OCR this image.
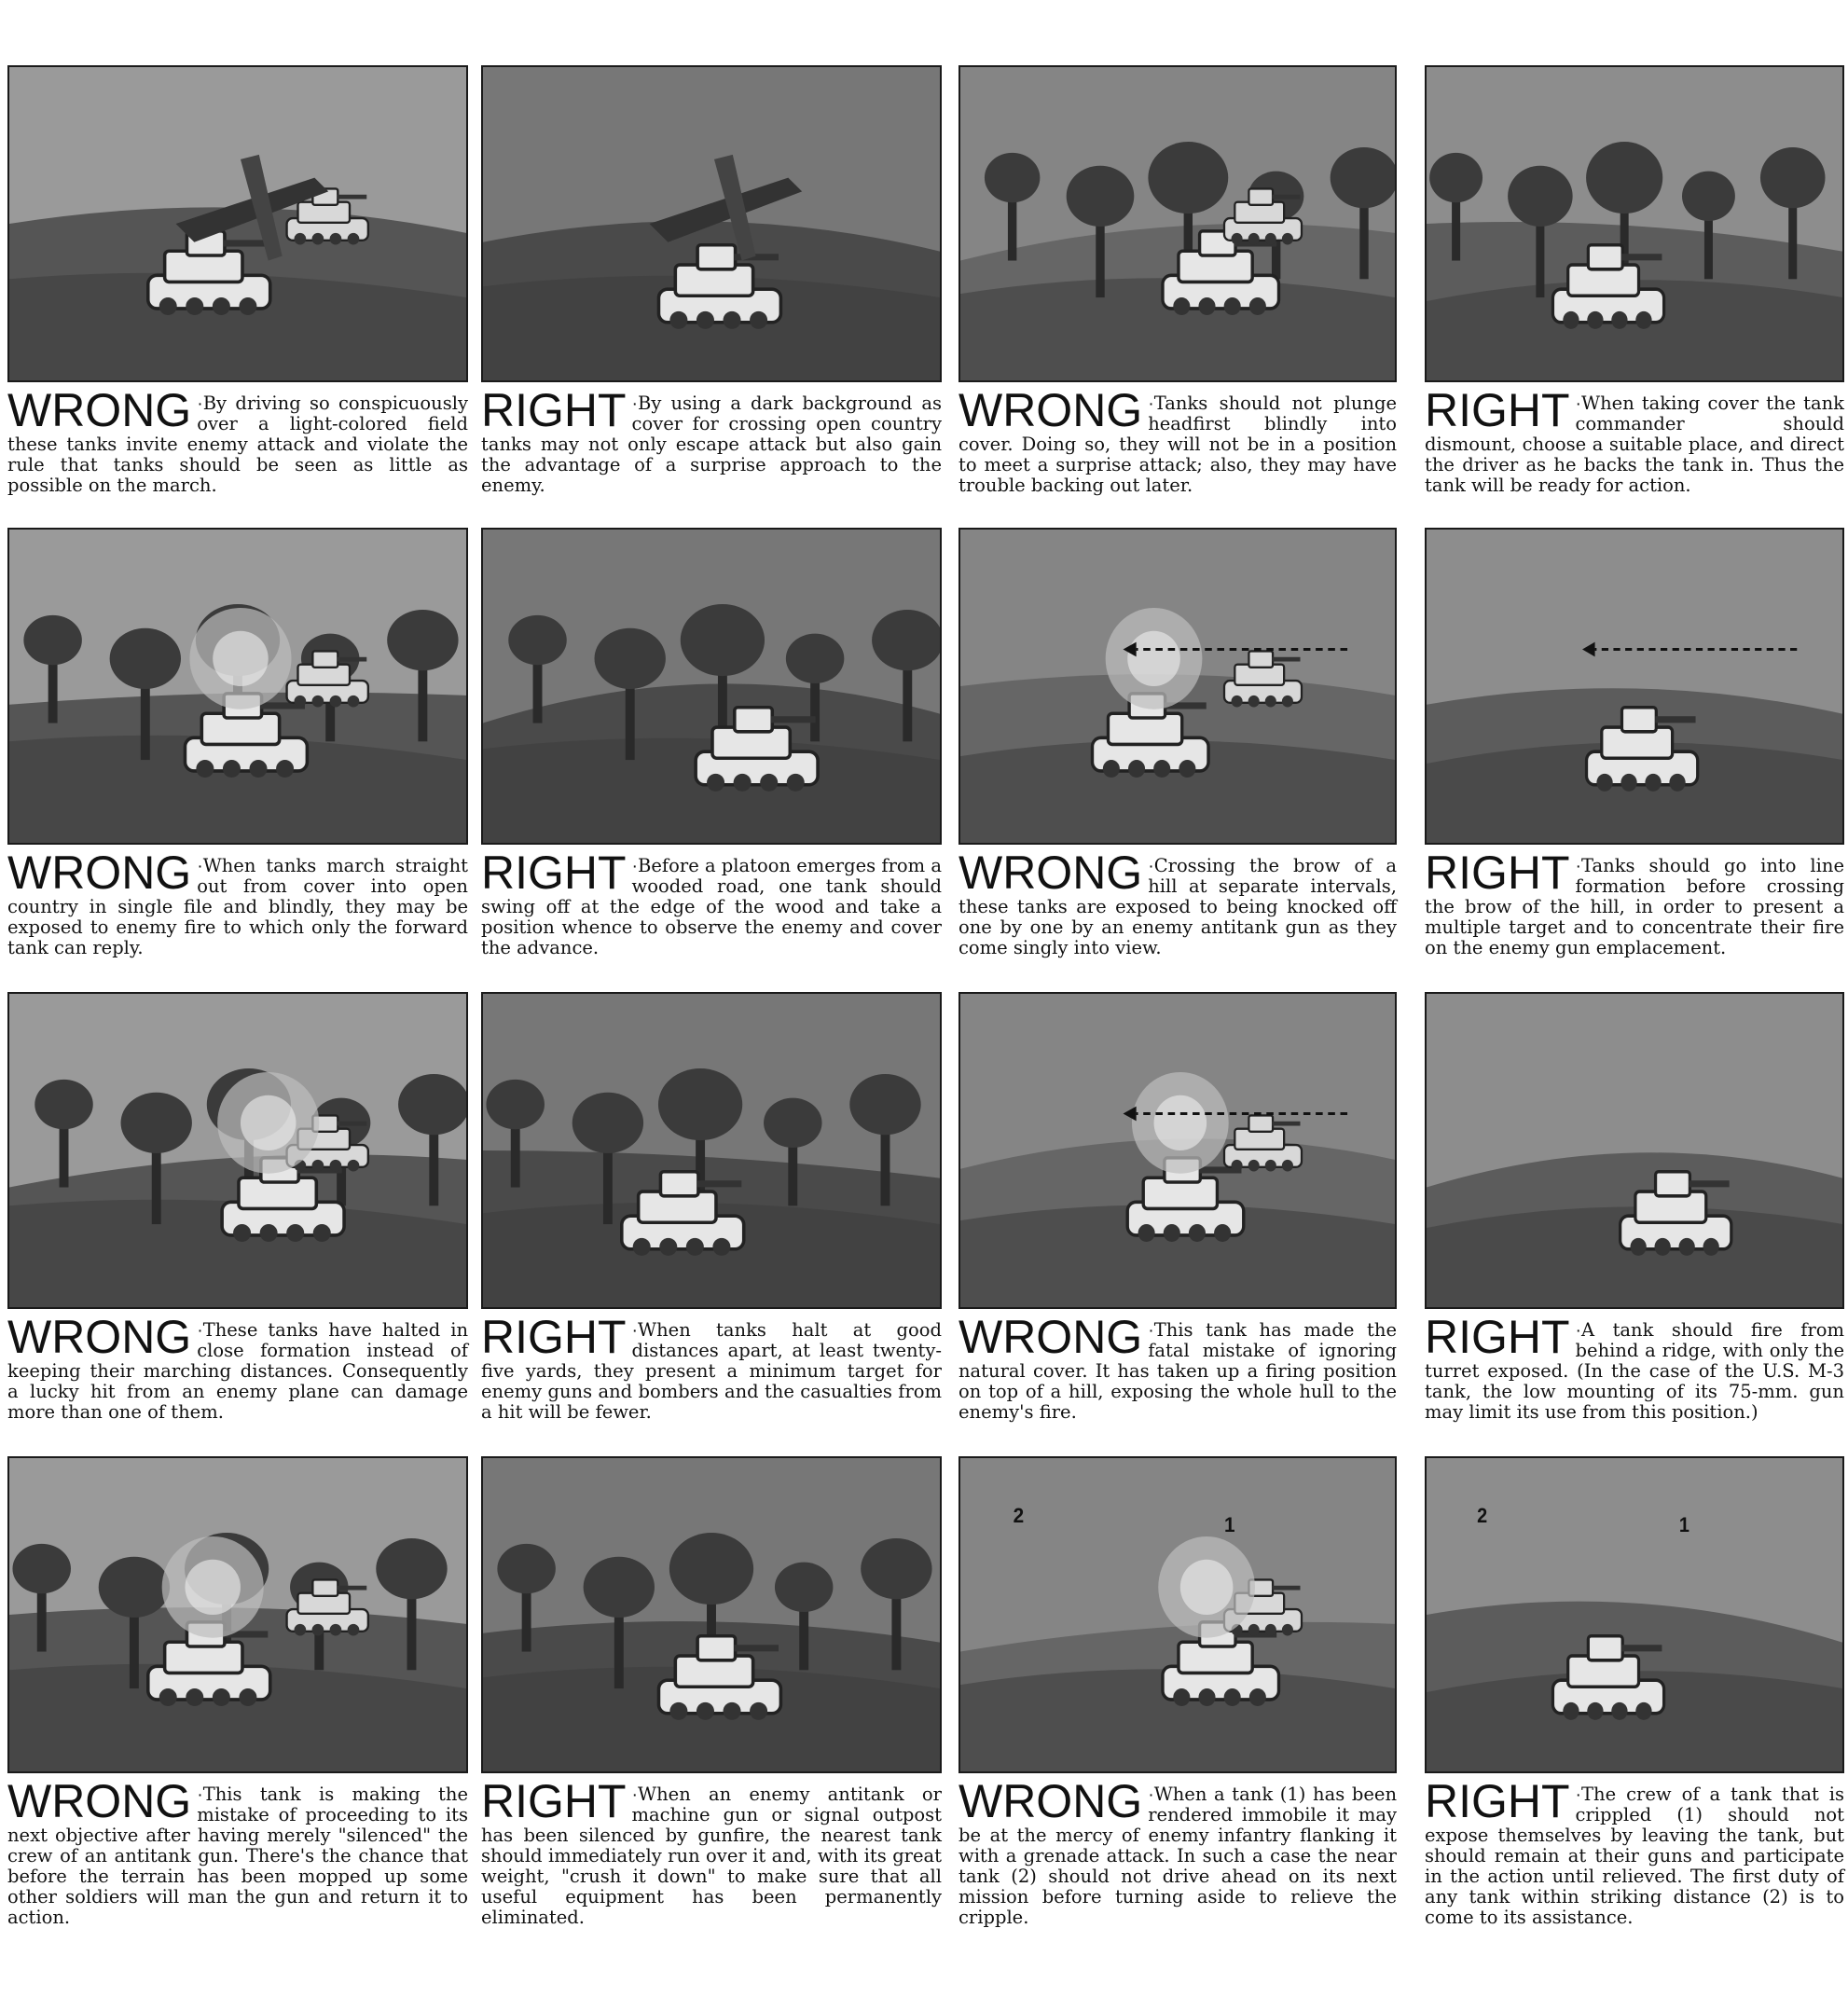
WRONG ·By driving so conspicuously over a light-colored field these tanks invite enemy attack and violate the rule that tanks should be seen as little as possible on the march.
RIGHT ·By using a dark background as cover for crossing open country tanks may not only escape attack but also gain the advantage of a surprise approach to the enemy.
WRONG ·Tanks should not plunge headfirst blindly into cover. Doing so, they will not be in a position to meet a surprise attack; also, they may have trouble backing out later.
RIGHT ·When taking cover the tank commander should dismount, choose a suitable place, and direct the driver as he backs the tank in. Thus the tank will be ready for action.
WRONG ·When tanks march straight out from cover into open country in single file and blindly, they may be exposed to enemy fire to which only the forward tank can reply.
RIGHT ·Before a platoon emerges from a wooded road, one tank should swing off at the edge of the wood and take a position whence to observe the enemy and cover the advance.
WRONG ·Crossing the brow of a hill at separate intervals, these tanks are exposed to being knocked off one by one by an enemy antitank gun as they come singly into view.
RIGHT ·Tanks should go into line formation before crossing the brow of the hill, in order to present a multiple target and to concentrate their fire on the enemy gun emplacement.
WRONG ·These tanks have halted in close formation instead of keeping their marching distances. Consequently a lucky hit from an enemy plane can damage more than one of them.
RIGHT ·When tanks halt at good distances apart, at least twenty-five yards, they present a minimum target for enemy guns and bombers and the casualties from a hit will be fewer.
WRONG ·This tank has made the fatal mistake of ignoring natural cover. It has taken up a firing position on top of a hill, exposing the whole hull to the enemy's fire.
RIGHT ·A tank should fire from behind a ridge, with only the turret exposed. (In the case of the U.S. M-3 tank, the low mounting of its 75-mm. gun may limit its use from this position.)
WRONG ·This tank is making the mistake of proceeding to its next objective after having merely "silenced" the crew of an antitank gun. There's the chance that before the terrain has been mopped up some other soldiers will man the gun and return it to action.
RIGHT ·When an enemy antitank or machine gun or signal outpost has been silenced by gunfire, the nearest tank should immediately run over it and, with its great weight, "crush it down" to make sure that all useful equipment has been permanently eliminated.
2	1
WRONG ·When a tank (1) has been rendered immobile it may be at the mercy of enemy infantry flanking it with a grenade attack. In such a case the near tank (2) should not drive ahead on its next mission before turning aside to relieve the cripple.
2	1
RIGHT ·The crew of a tank that is crippled (1) should not expose themselves by leaving the tank, but should remain at their guns and participate in the action until relieved. The first duty of any tank within striking distance (2) is to come to its assistance.
